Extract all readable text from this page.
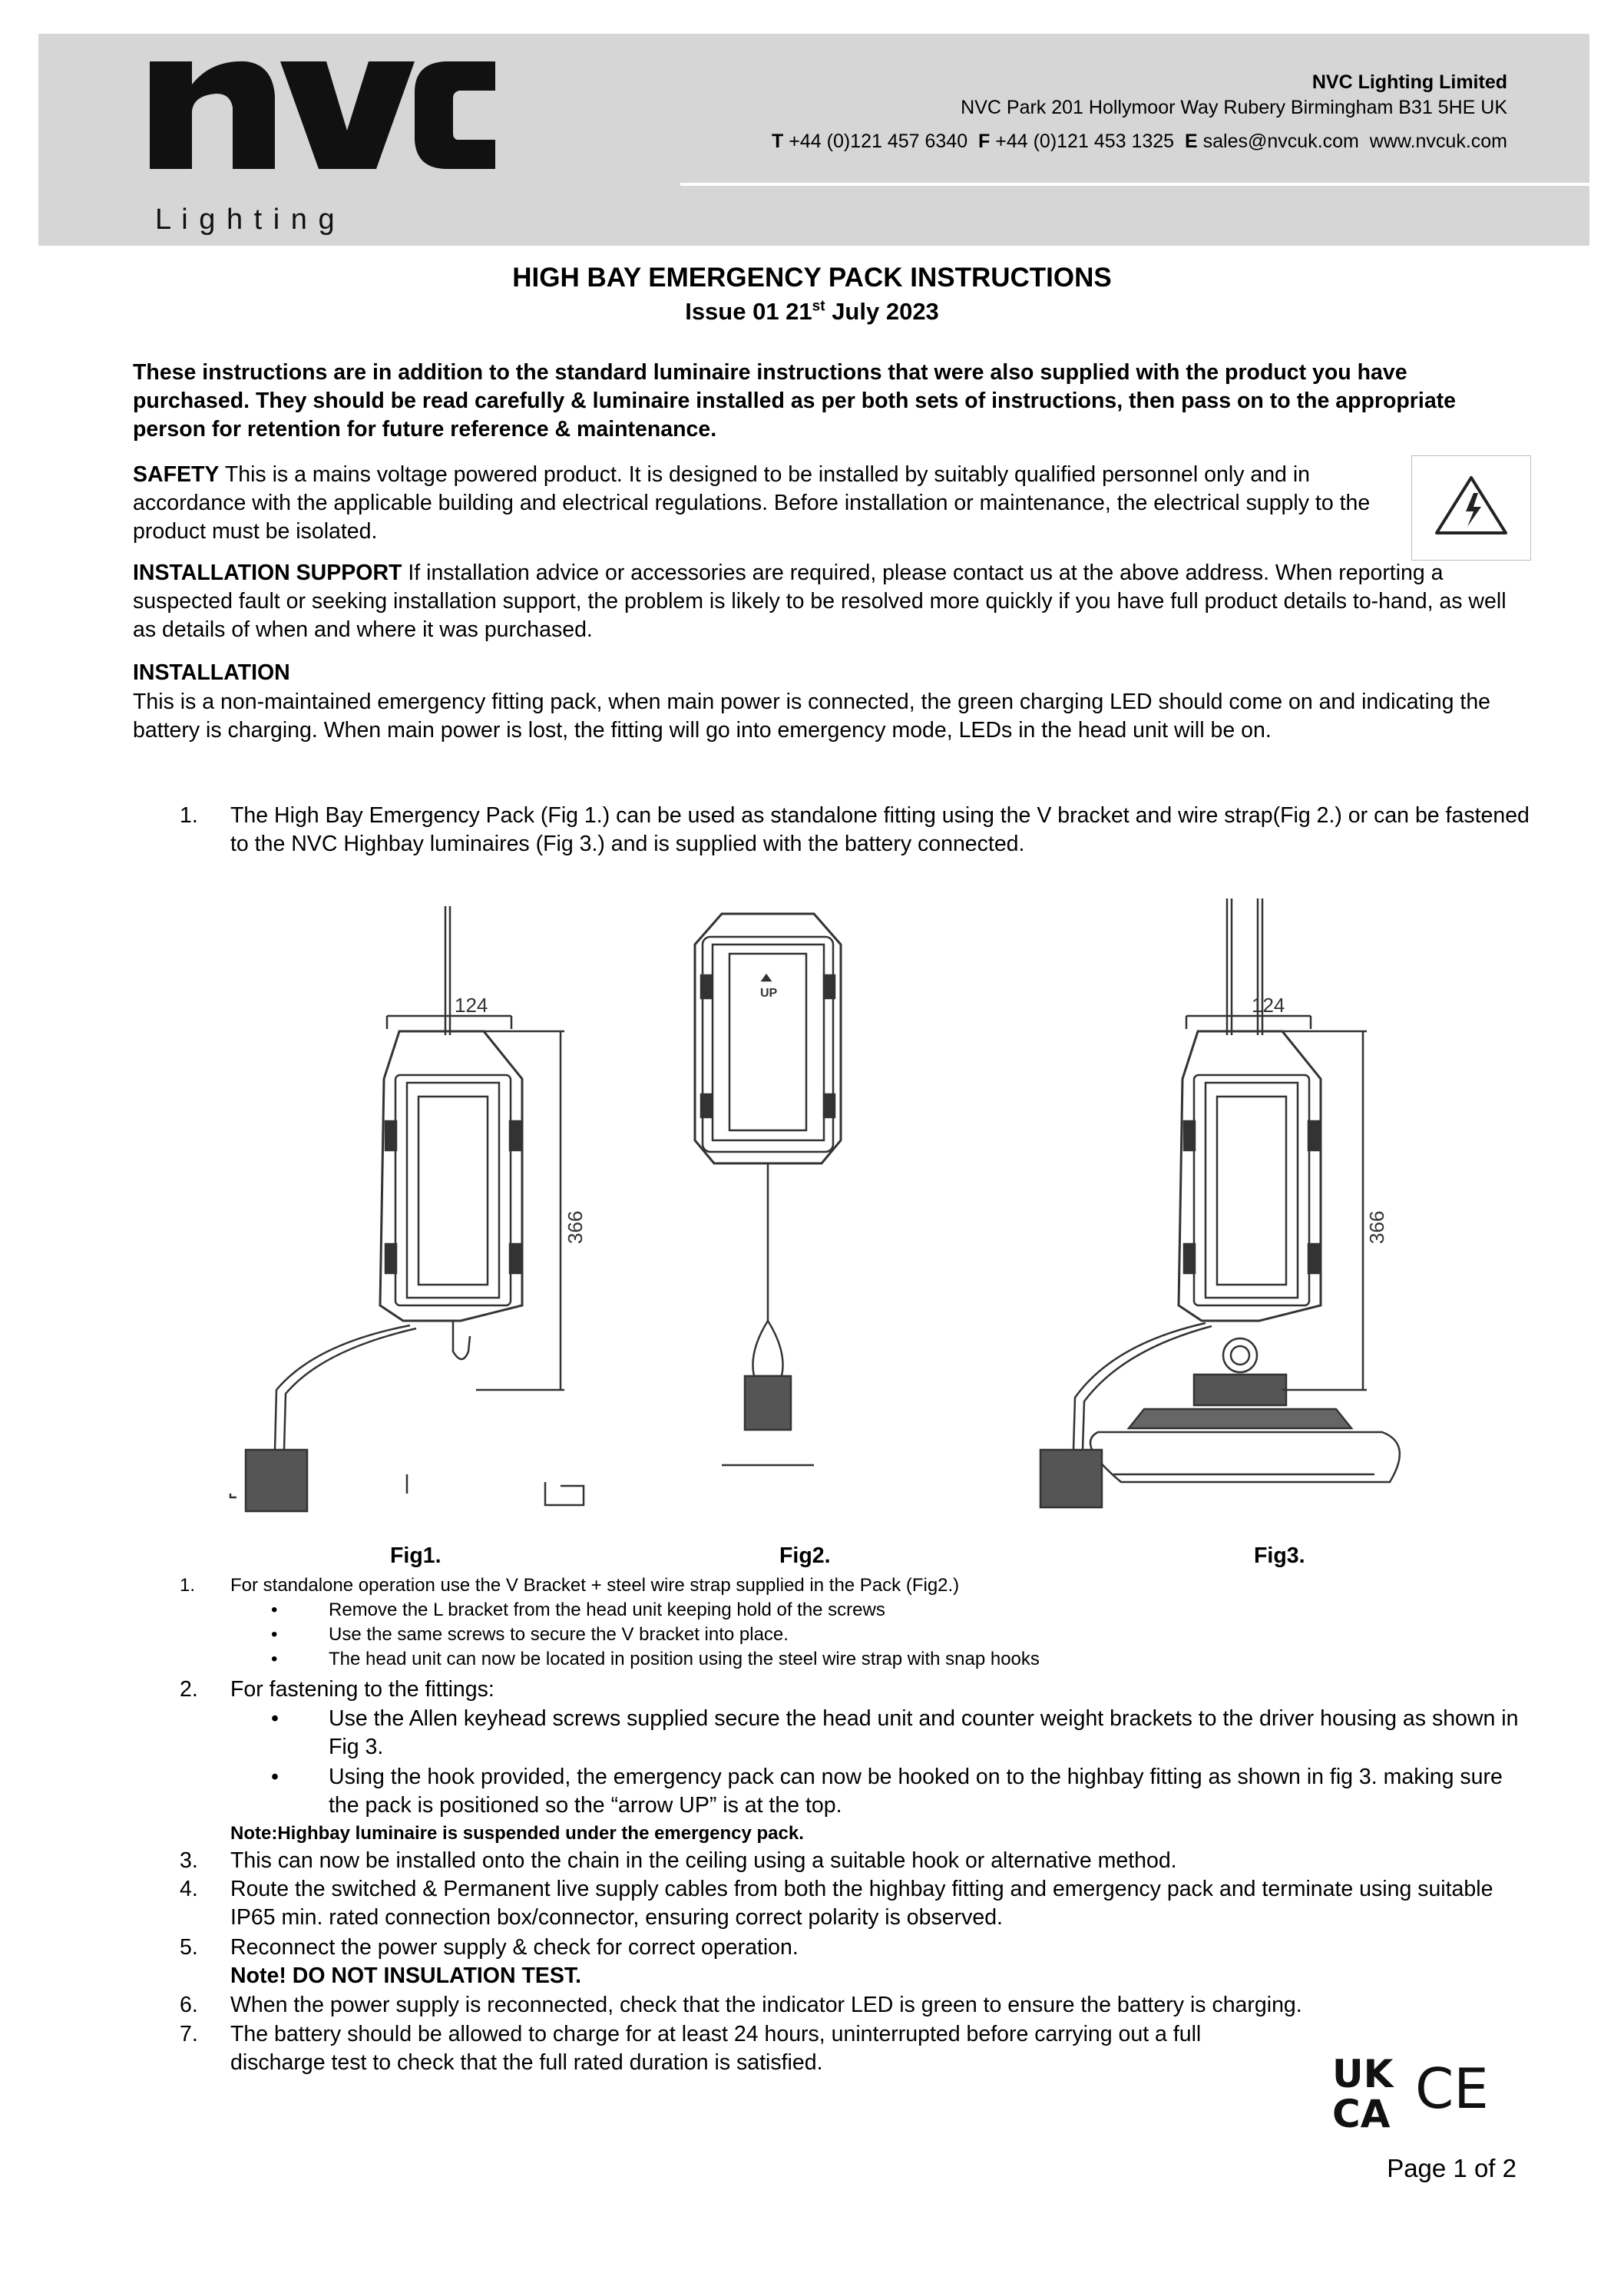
L i g h t i n g
NVC Lighting Limited
NVC Park 201 Hollymoor Way Rubery Birmingham B31 5HE UK
T +44 (0)121 457 6340 F +44 (0)121 453 1325 E sales@nvcuk.com www.nvcuk.com
HIGH BAY EMERGENCY PACK INSTRUCTIONS
Issue 01 21st July 2023
These instructions are in addition to the standard luminaire instructions that were also supplied with the product you have purchased. They should be read carefully & luminaire installed as per both sets of instructions, then pass on to the appropriate person for retention for future reference & maintenance.
SAFETY This is a mains voltage powered product. It is designed to be installed by suitably qualified personnel only and in accordance with the applicable building and electrical regulations. Before installation or maintenance, the electrical supply to the product must be isolated.
INSTALLATION SUPPORT If installation advice or accessories are required, please contact us at the above address. When reporting a suspected fault or seeking installation support, the problem is likely to be resolved more quickly if you have full product details to-hand, as well as details of when and where it was purchased.
INSTALLATION
This is a non-maintained emergency fitting pack, when main power is connected, the green charging LED should come on and indicating the battery is charging. When main power is lost, the fitting will go into emergency mode, LEDs in the head unit will be on.
1. The High Bay Emergency Pack (Fig 1.) can be used as standalone fitting using the V bracket and wire strap(Fig 2.) or can be fastened to the NVC Highbay luminaires (Fig 3.) and is supplied with the battery connected.
124
366
UP
124
366
Fig1.	Fig2.	Fig3.
1. For standalone operation use the V Bracket + steel wire strap supplied in the Pack (Fig2.)
•	Remove the L bracket from the head unit keeping hold of the screws
•	Use the same screws to secure the V bracket into place.
•	The head unit can now be located in position using the steel wire strap with snap hooks
2. For fastening to the fittings:
• Use the Allen keyhead screws supplied secure the head unit and counter weight brackets to the driver housing as shown in Fig 3.
• Using the hook provided, the emergency pack can now be hooked on to the highbay fitting as shown in fig 3. making sure the pack is positioned so the “arrow UP” is at the top.
Note:Highbay luminaire is suspended under the emergency pack.
3. This can now be installed onto the chain in the ceiling using a suitable hook or alternative method.
4. Route the switched & Permanent live supply cables from both the highbay fitting and emergency pack and terminate using suitable IP65 min. rated connection box/connector, ensuring correct polarity is observed.
5. Reconnect the power supply & check for correct operation.
Note! DO NOT INSULATION TEST.
6. When the power supply is reconnected, check that the indicator LED is green to ensure the battery is charging.
7. The battery should be allowed to charge for at least 24 hours, uninterrupted before carrying out a full discharge test to check that the full rated duration is satisfied.	UK
CA CE
Page 1 of 2
